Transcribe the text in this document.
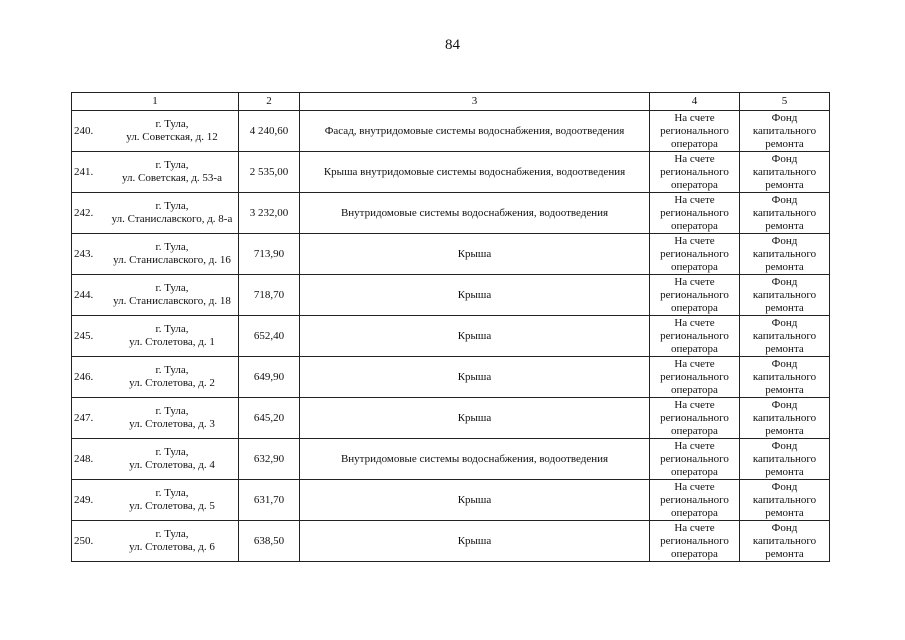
84
1	2	3	4	5

240.
г. Тула,
ул. Советская, д. 12	4 240,60	Фасад, внутридомовые системы водоснабжения, водоотведения	На счете регионального оператора	Фонд капитального ремонта

241.
г. Тула,
ул. Советская, д. 53-а	2 535,00	Крыша внутридомовые системы водоснабжения, водоотведения	На счете регионального оператора	Фонд капитального ремонта

242.
г. Тула,
ул. Станиславского, д. 8-а	3 232,00	Внутридомовые системы водоснабжения, водоотведения	На счете регионального оператора	Фонд капитального ремонта

243.
г. Тула,
ул. Станиславского, д. 16	713,90	Крыша	На счете регионального оператора	Фонд капитального ремонта

244.
г. Тула,
ул. Станиславского, д. 18	718,70	Крыша	На счете регионального оператора	Фонд капитального ремонта

245.
г. Тула,
ул. Столетова, д. 1	652,40	Крыша	На счете регионального оператора	Фонд капитального ремонта

246.
г. Тула,
ул. Столетова, д. 2	649,90	Крыша	На счете регионального оператора	Фонд капитального ремонта

247.
г. Тула,
ул. Столетова, д. 3	645,20	Крыша	На счете регионального оператора	Фонд капитального ремонта

248.
г. Тула,
ул. Столетова, д. 4	632,90	Внутридомовые системы водоснабжения, водоотведения	На счете регионального оператора	Фонд капитального ремонта

249.
г. Тула,
ул. Столетова, д. 5	631,70	Крыша	На счете регионального оператора	Фонд капитального ремонта

250.
г. Тула,
ул. Столетова, д. 6	638,50	Крыша	На счете регионального оператора	Фонд капитального ремонта
